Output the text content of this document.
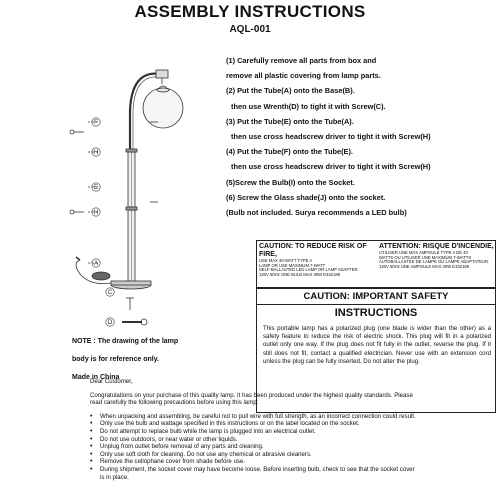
ASSEMBLY INSTRUCTIONS
AQL-001
(1) Carefully remove all parts from box and
remove all plastic covering from lamp parts.
(2) Put the Tube(A) onto the Base(B).
then use Wrenth(D) to tight it with Screw(C).
(3) Put the Tube(E) onto the Tube(A).
then use cross headscrew driver to tight it with Screw(H)
(4) Put the Tube(F) onto the Tube(E).
then use cross headscrew driver to tight it with Screw(H)
(5)Screw the Bulb(I) onto the Socket.
(6) Screw the Glass shade(J) onto the socket.
(Bulb not included. Surya recommends a LED bulb)
F
H
E
H
A
C
D
NOTE : The drawing of the lamp
body is for reference only.
Made in China
CAUTION: TO REDUCE RISK OF FIRE,
USE MAX 40-WATT TYPE A
LAMP OR USE MAXIMUM 7-WATT
SELF-BALLASTED LED LAMP OR LAMP ADAPTER.
120V 60Hz ONE BULB MAX 40W E332189
ATTENTION: RISQUE D'INCENDIE,
UTILISER UNE MAX AMPOULE TYPE A DE 40
WATTS OU UTILISER UNE MAXIMUM 7-WATTS
AUTOBALLASTEE DE LAMPE OU LAMPE ADAPTATEUR.
120V 60Hz UNE AMPOULE MAX 40W E332189
CAUTION: IMPORTANT SAFETY
INSTRUCTIONS
This portable lamp has a polarized plug (one blade is wider than the other) as a safety feature to reduce the risk of electric shock. This plug will fit in a polarized outlet only one way. If the plug does not fit fully in the outlet, reverse the plug. If it still does not fit, contact a qualified electrician. Never use with an extension cord unless the plug can be fully inserted. Do not alter the plug.
Dear Customer,
Congratulations on your purchase of this quality lamp. It has been produced under the highest quality standards. Please read carefully the following precautions before using this lamp:
• When unpacking and assembling, be careful not to pull wire with full strength, as an incorrect connection could result.
• Only use the bulb and wattage specified in this instructions or on the label located on the socket.
• Do not attempt to replace bulb while the lamp is plugged into an electrical outlet.
• Do not use outdoors, or near water or other liquids.
• Unplug from outlet before removal of any parts and cleaning.
• Only use soft cloth for cleaning. Do not use any chemical or abrasive cleaners.
• Remove the cellophane cover from shade before use.
• During shipment, the socket cover may have become loose. Before inserting bulb, check to see that the socket cover is in place.
